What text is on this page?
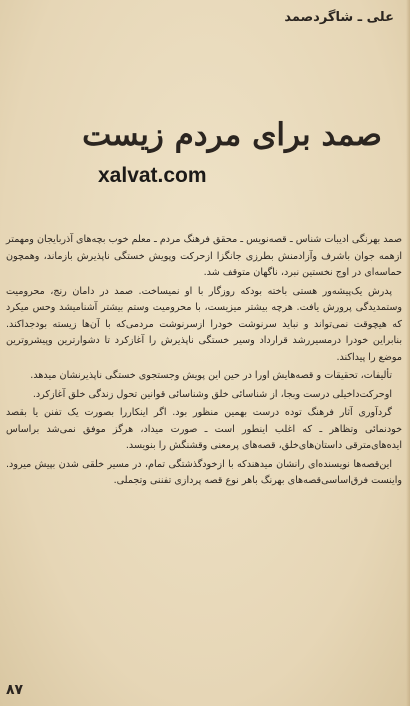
علی ـ شاگردصمد
صمد برای مردم زیست
xalvat.com

صمد بهرنگی ادیبات شناس ـ قصه‌نویس ـ محقق فرهنگ مردم ـ معلم خوب بچه‌های آذربایجان ومهمتر ازهمه جوان باشرف وآزادمنش بطرزی جانگزا ازحرکت وپویش خستگی ناپذیرش بازماند، وهمچون حماسه‌ای در اوج نخستین نبرد، ناگهان متوقف شد.

پدرش یک‌پیشه‌ور هستی باخته بودکه روزگار با او نمیساخت. صمد در دامان رنج، محرومیت وستمدیدگی پرورش یافت. هرچه بیشتر میزیست، با محرومیت وستم بیشتر آشنامیشد وحس میکرد که هیچوقت نمی‌تواند و نباید سرنوشت خودرا ازسرنوشت مردمی‌که با آن‌ها زیسته بودجداکند. بنابراین خودرا درمسیررشد قرارداد وسیر خستگی ناپذیرش را آغازکرد تا دشوارترین وپیشروترین موضع را پیداکند.

تألیفات، تحقیقات و قصه‌هایش اورا در حین این پویش وجستجوی خستگی ناپذیرنشان میدهد.

اوحرکت‌داخیلی درست وبجا، از شناسائی خلق وشناسائی قوانین تحول زندگی خلق آغازکرد.

گردآوری آثار فرهنگ توده درست بهمین منظور بود. اگر اینکاررا بصورت یک تفنن یا بقصد خودنمائی وتظاهر ـ که اغلب اینطور است ـ صورت میداد، هرگز موفق نمی‌شد براساس ایده‌های‌مترقی داستان‌های‌خلق، قصه‌های پرمعنی وقشنگش را بنویسد.

این‌قصه‌ها نویسنده‌ای رانشان میدهندکه با ازخودگذشتگی تمام، در مسیر خلقی شدن بپیش میرود. واینست فرق‌اساسی‌قصه‌های بهرنگ باهر نوع قصه پردازی تفننی وتجملی.

۸۷
